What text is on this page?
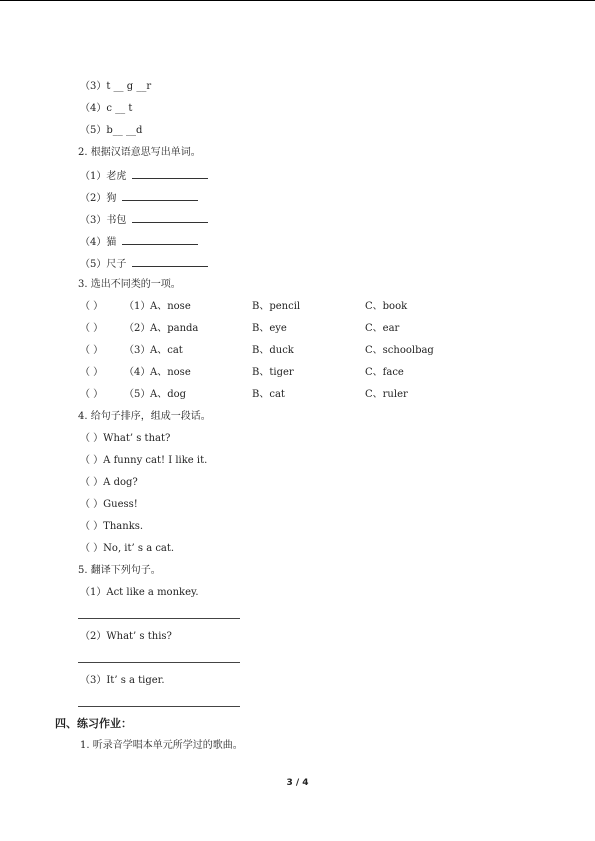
（3）t __ g __r
（4）c __ t
（5）b__ __d
2. 根据汉语意思写出单词。
（1）老虎
（2）狗
（3）书包
（4）猫
（5）尺子
3. 选出不同类的一项。
（ ） （1） A、nose	B、pencil	C、book
（ ） （2） A、panda	B、eye	C、ear
（ ） （3） A、cat	B、duck	C、schoolbag
（ ） （4） A、nose	B、tiger	C、face
（ ） （5） A、dog	B、cat	C、ruler
4. 给句子排序，组成一段话。
（ ）What’ s that?
（ ）A funny cat! I like it.
（ ）A dog?
（ ）Guess!
（ ）Thanks.
（ ）No, it’ s a cat.
5. 翻译下列句子。
（1）Act like a monkey.
（2）What’ s this?
（3）It’ s a tiger.
四、练习作业：
1. 听录音学唱本单元所学过的歌曲。
3 / 4
